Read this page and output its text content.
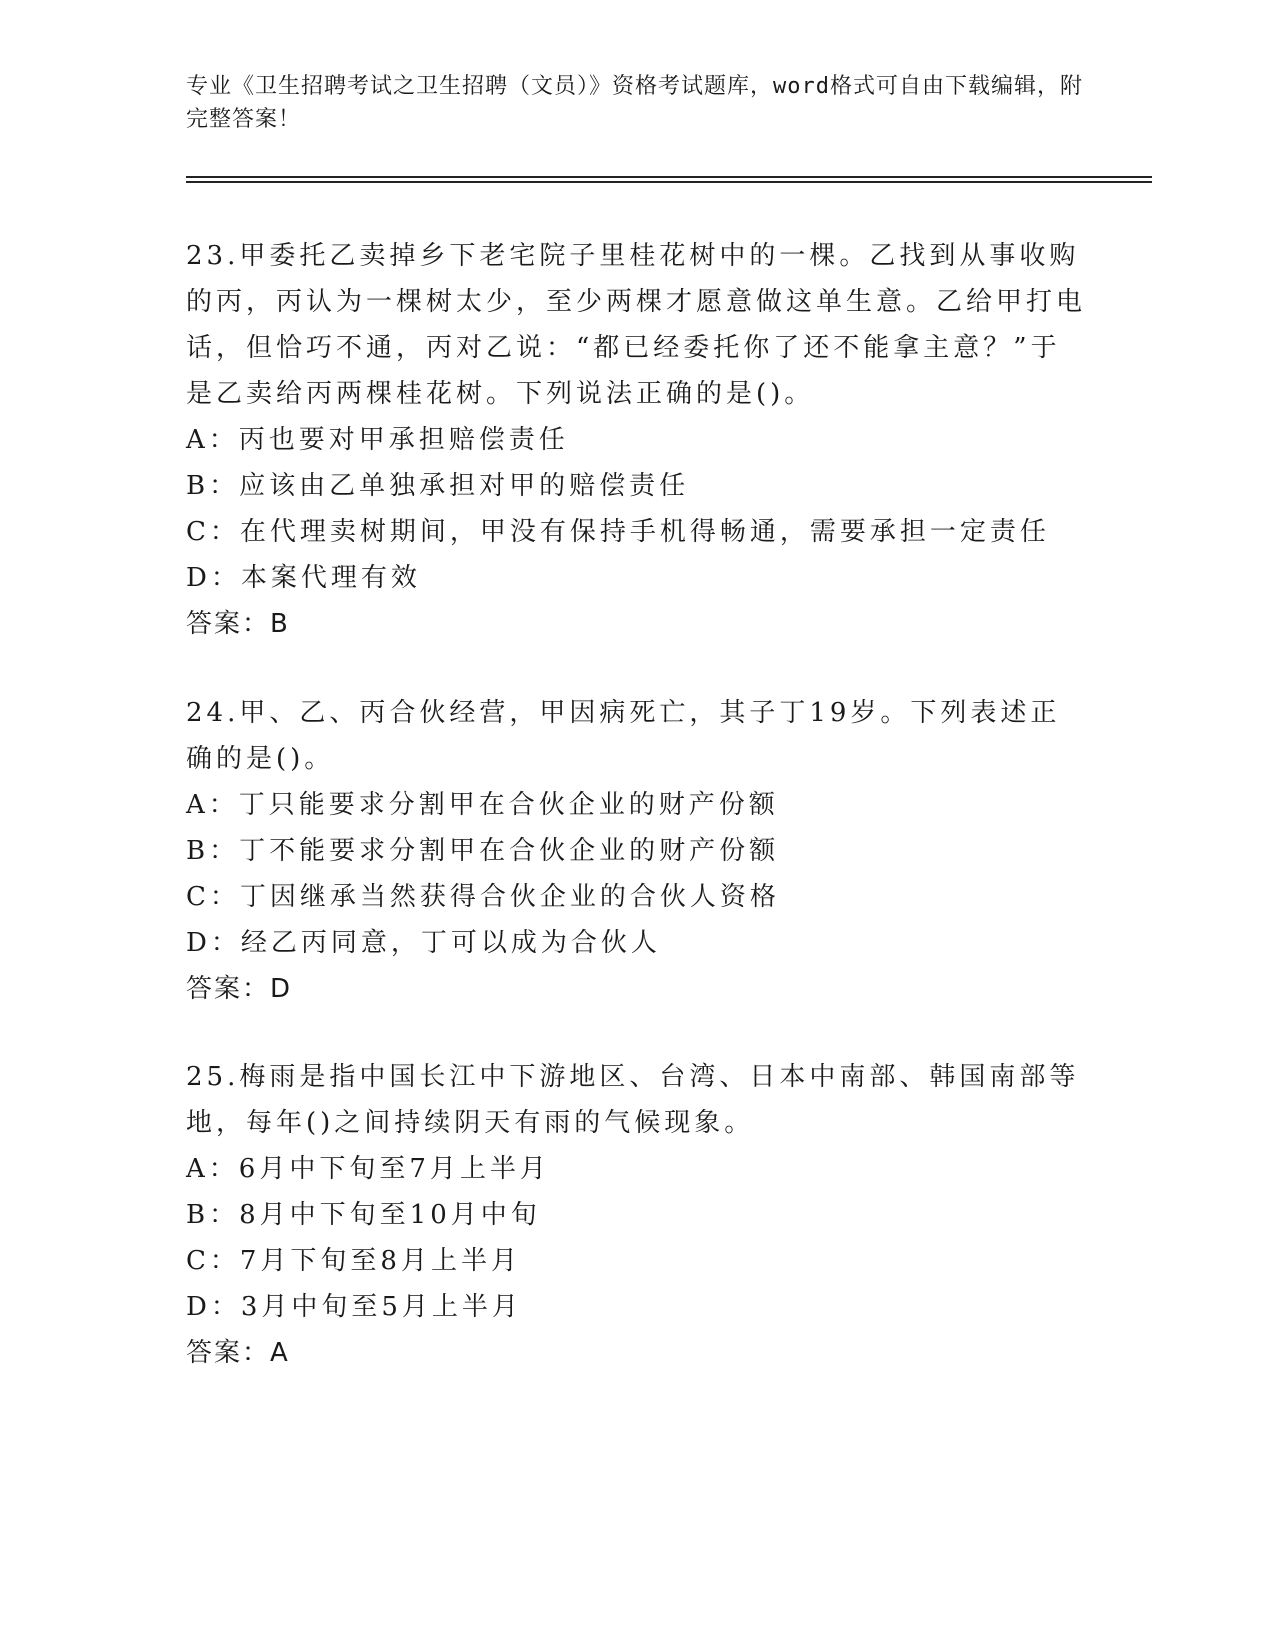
专业《卫生招聘考试之卫生招聘（文员）》资格考试题库，word格式可自由下载编辑，附完整答案！

23.甲委托乙卖掉乡下老宅院子里桂花树中的一棵。乙找到从事收购的丙，丙认为一棵树太少，至少两棵才愿意做这单生意。乙给甲打电话，但恰巧不通，丙对乙说：“都已经委托你了还不能拿主意？”于是乙卖给丙两棵桂花树。下列说法正确的是()。

A：丙也要对甲承担赔偿责任

B：应该由乙单独承担对甲的赔偿责任

C：在代理卖树期间，甲没有保持手机得畅通，需要承担一定责任

D：本案代理有效

答案：B

24.甲、乙、丙合伙经营，甲因病死亡，其子丁19岁。下列表述正确的是()。

A：丁只能要求分割甲在合伙企业的财产份额

B：丁不能要求分割甲在合伙企业的财产份额

C：丁因继承当然获得合伙企业的合伙人资格

D：经乙丙同意，丁可以成为合伙人

答案：D

25.梅雨是指中国长江中下游地区、台湾、日本中南部、韩国南部等地，每年()之间持续阴天有雨的气候现象。

A：6月中下旬至7月上半月

B：8月中下旬至10月中旬

C：7月下旬至8月上半月

D：3月中旬至5月上半月

答案：A
